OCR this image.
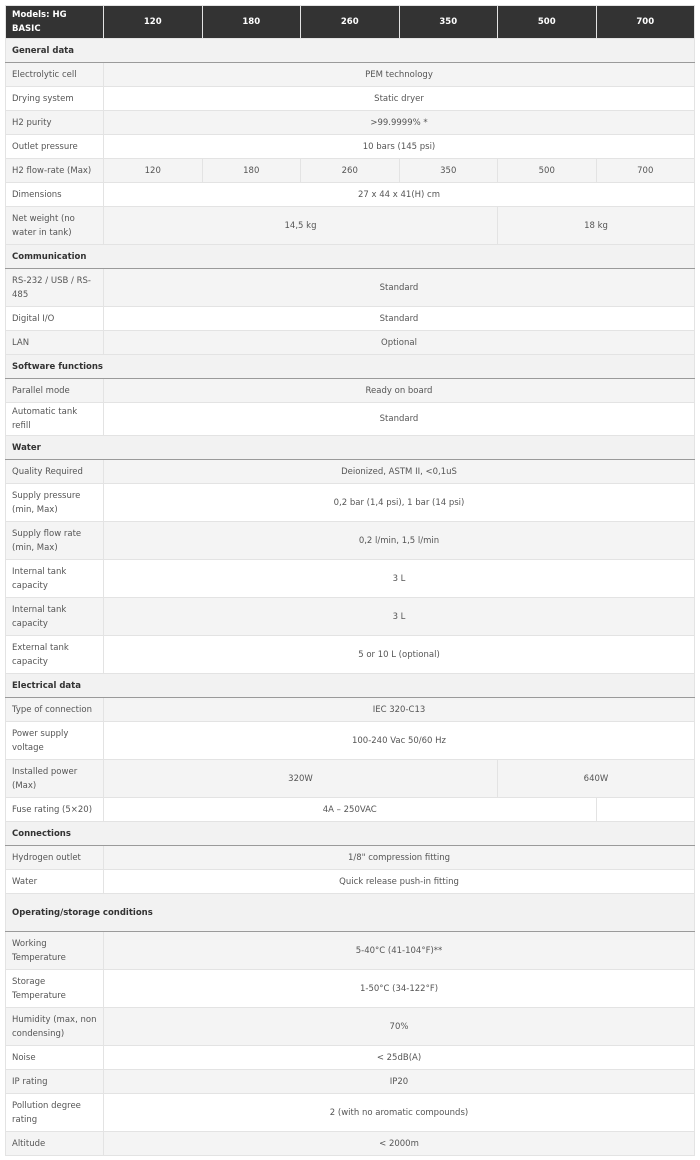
Models: HG BASIC	120	180	260	350	500	700
General data						
Electrolytic cell	PEM technology					
Drying system	Static dryer					
H2 purity	>99.9999% *					
Outlet pressure	10 bars (145 psi)					
H2 flow-rate (Max)	120	180	260	350	500	700
Dimensions	27 x 44 x 41(H) cm					
Net weight (no water in tank)	14,5 kg				18 kg	
Communication						
RS-232 / USB / RS-485	Standard					
Digital I/O	Standard					
LAN	Optional					
Software functions						
Parallel mode	Ready on board					
Automatic tank refill	Standard					
Water						
Quality Required	Deionized, ASTM II, <0,1uS					
Supply pressure (min, Max)	0,2 bar (1,4 psi), 1 bar (14 psi)					
Supply flow rate (min, Max)	0,2 l/min, 1,5 l/min					
Internal tank capacity	3 L					
Internal tank capacity	3 L					
External tank capacity	5 or 10 L (optional)					
Electrical data						
Type of connection	IEC 320-C13					
Power supply voltage	100-240 Vac 50/60 Hz					
Installed power (Max)	320W				640W	
Fuse rating (5×20)	4A – 250VAC					
Connections						
Hydrogen outlet	1/8" compression fitting					
Water	Quick release push-in fitting					
Operating/storage conditions						
Working Temperature	5-40°C (41-104°F)**					
Storage Temperature	1-50°C (34-122°F)					
Humidity (max, non condensing)	70%					
Noise	< 25dB(A)					
IP rating	IP20					
Pollution degree rating	2 (with no aromatic compounds)					
Altitude	< 2000m					
